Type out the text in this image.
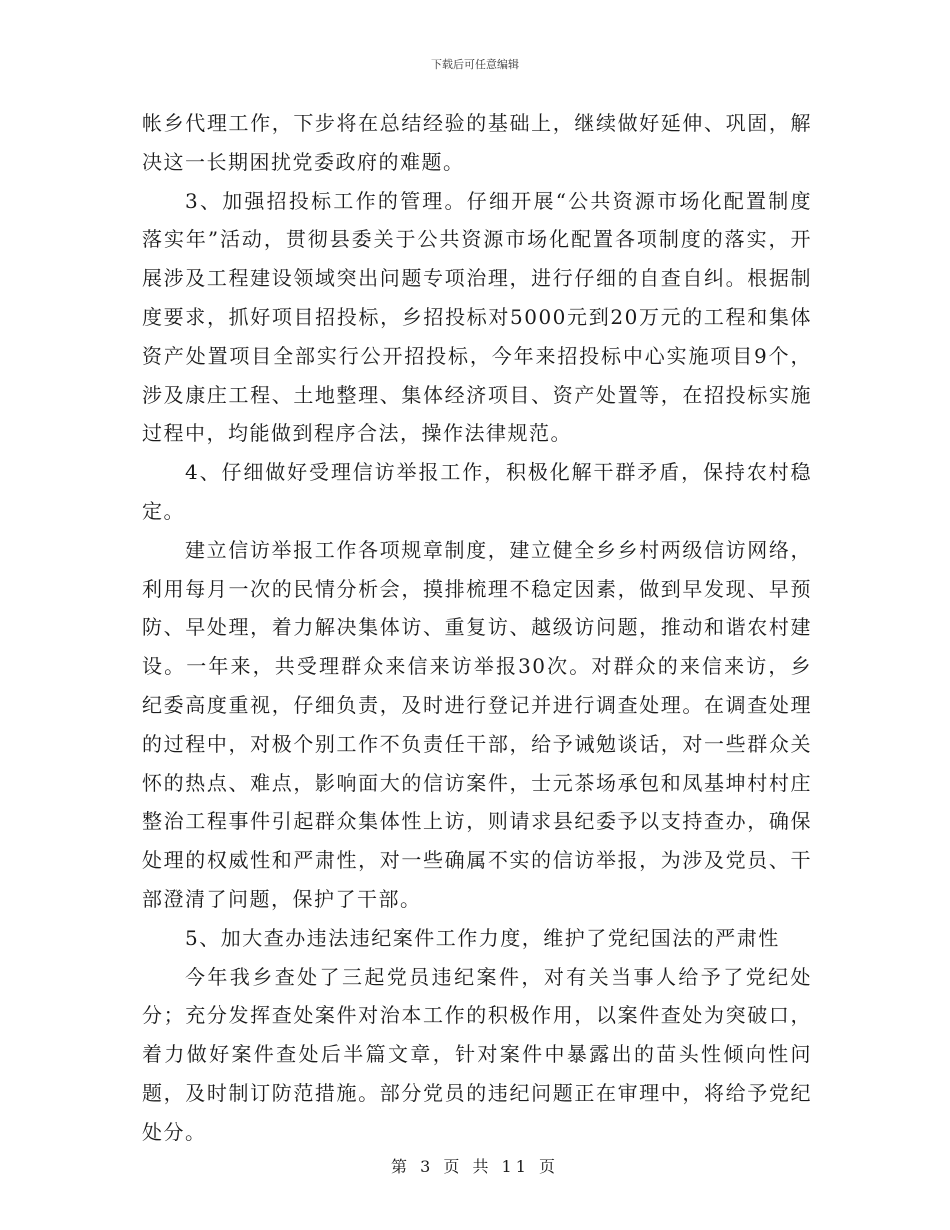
下载后可任意编辑

帐乡代理工作，下步将在总结经验的基础上，继续做好延伸、巩固，解决这一长期困扰党委政府的难题。

3、加强招投标工作的管理。仔细开展“公共资源市场化配置制度落实年”活动，贯彻县委关于公共资源市场化配置各项制度的落实，开展涉及工程建设领域突出问题专项治理，进行仔细的自查自纠。根据制度要求，抓好项目招投标，乡招投标对5000元到20万元的工程和集体资产处置项目全部实行公开招投标，今年来招投标中心实施项目9个，涉及康庄工程、土地整理、集体经济项目、资产处置等，在招投标实施过程中，均能做到程序合法，操作法律规范。

4、仔细做好受理信访举报工作，积极化解干群矛盾，保持农村稳定。

建立信访举报工作各项规章制度，建立健全乡乡村两级信访网络，利用每月一次的民情分析会，摸排梳理不稳定因素，做到早发现、早预防、早处理，着力解决集体访、重复访、越级访问题，推动和谐农村建设。一年来，共受理群众来信来访举报30次。对群众的来信来访，乡纪委高度重视，仔细负责，及时进行登记并进行调查处理。在调查处理的过程中，对极个别工作不负责任干部，给予诫勉谈话，对一些群众关怀的热点、难点，影响面大的信访案件，士元茶场承包和凤基坤村村庄整治工程事件引起群众集体性上访，则请求县纪委予以支持查办，确保处理的权威性和严肃性，对一些确属不实的信访举报，为涉及党员、干部澄清了问题，保护了干部。

5、加大查办违法违纪案件工作力度，维护了党纪国法的严肃性

今年我乡查处了三起党员违纪案件，对有关当事人给予了党纪处分；充分发挥查处案件对治本工作的积极作用，以案件查处为突破口，着力做好案件查处后半篇文章，针对案件中暴露出的苗头性倾向性问题，及时制订防范措施。部分党员的违纪问题正在审理中，将给予党纪处分。

第 3 页 共 11 页
